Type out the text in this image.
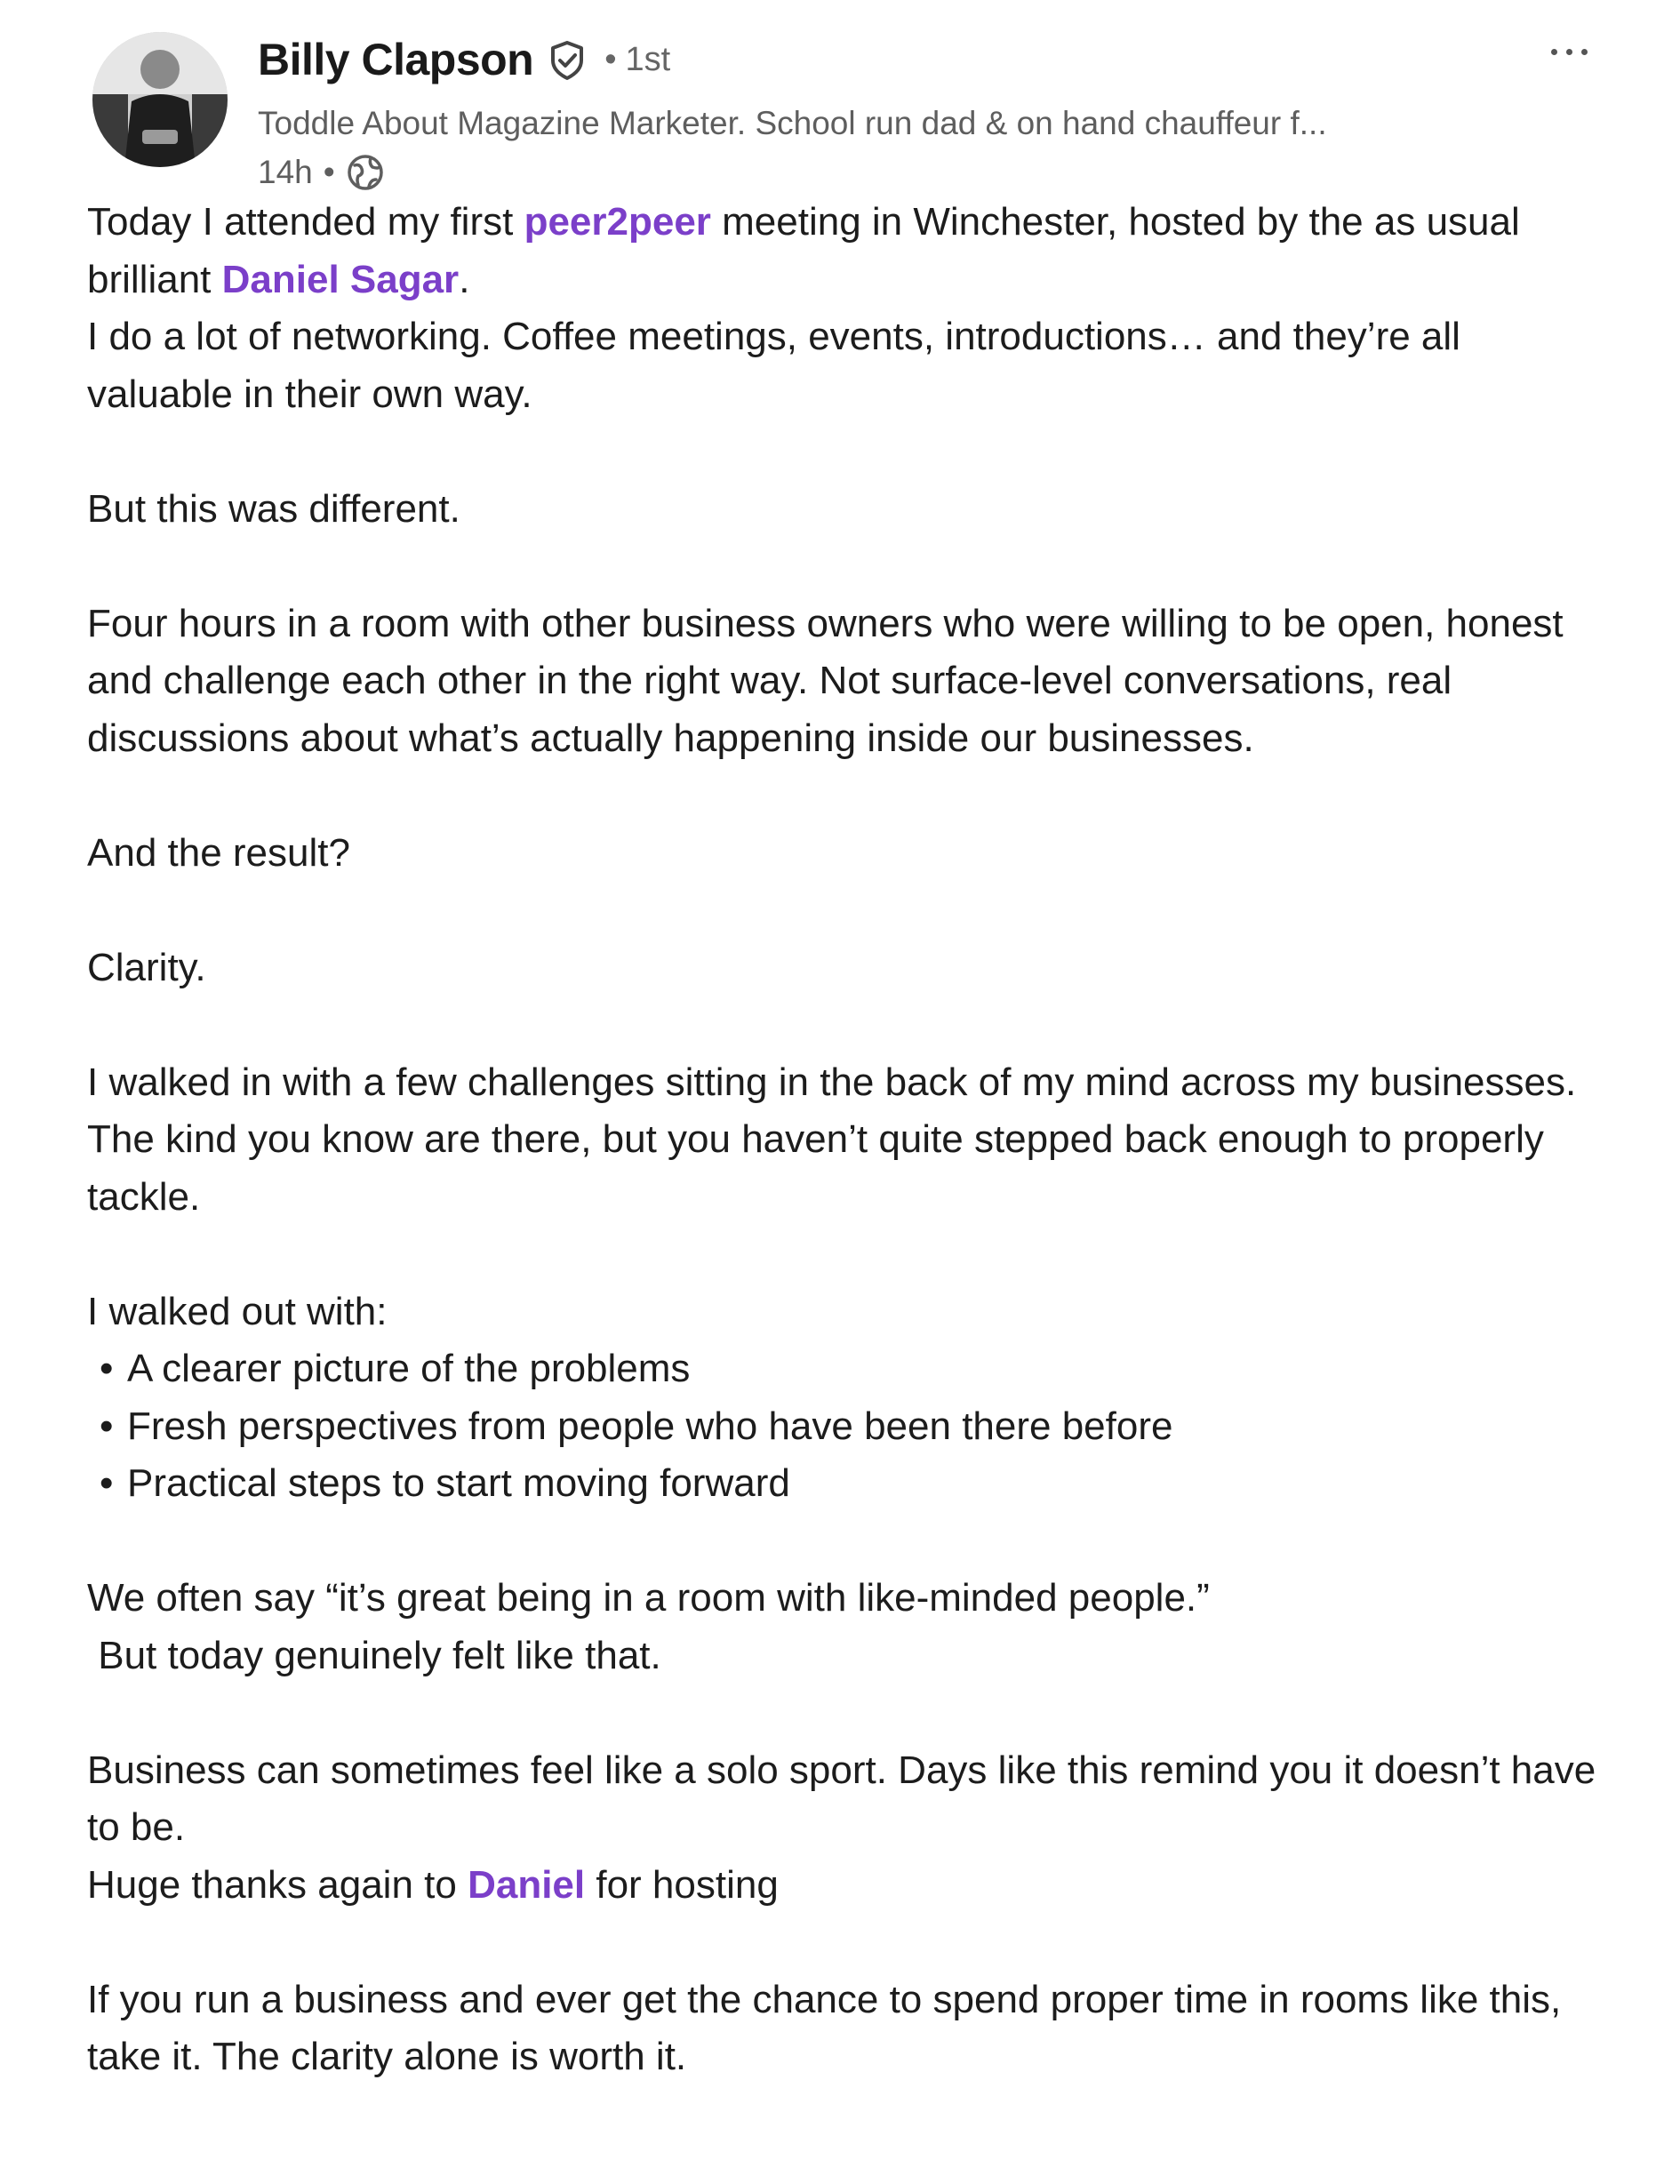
Billy Clapson • 1st
Toddle About Magazine Marketer. School run dad & on hand chauffeur f...
14h •

Today I attended my first peer2peer meeting in Winchester, hosted by the as usual brilliant Daniel Sagar.

I do a lot of networking. Coffee meetings, events, introductions… and they’re all valuable in their own way.

But this was different.

Four hours in a room with other business owners who were willing to be open, honest and challenge each other in the right way. Not surface-level conversations, real discussions about what’s actually happening inside our businesses.

And the result?

Clarity.

I walked in with a few challenges sitting in the back of my mind across my businesses. The kind you know are there, but you haven’t quite stepped back enough to properly tackle.

I walked out with:

• A clearer picture of the problems
• Fresh perspectives from people who have been there before
• Practical steps to start moving forward

We often say “it’s great being in a room with like-minded people.”

But today genuinely felt like that.

Business can sometimes feel like a solo sport. Days like this remind you it doesn’t have to be.

Huge thanks again to Daniel for hosting

If you run a business and ever get the chance to spend proper time in rooms like this, take it. The clarity alone is worth it.
